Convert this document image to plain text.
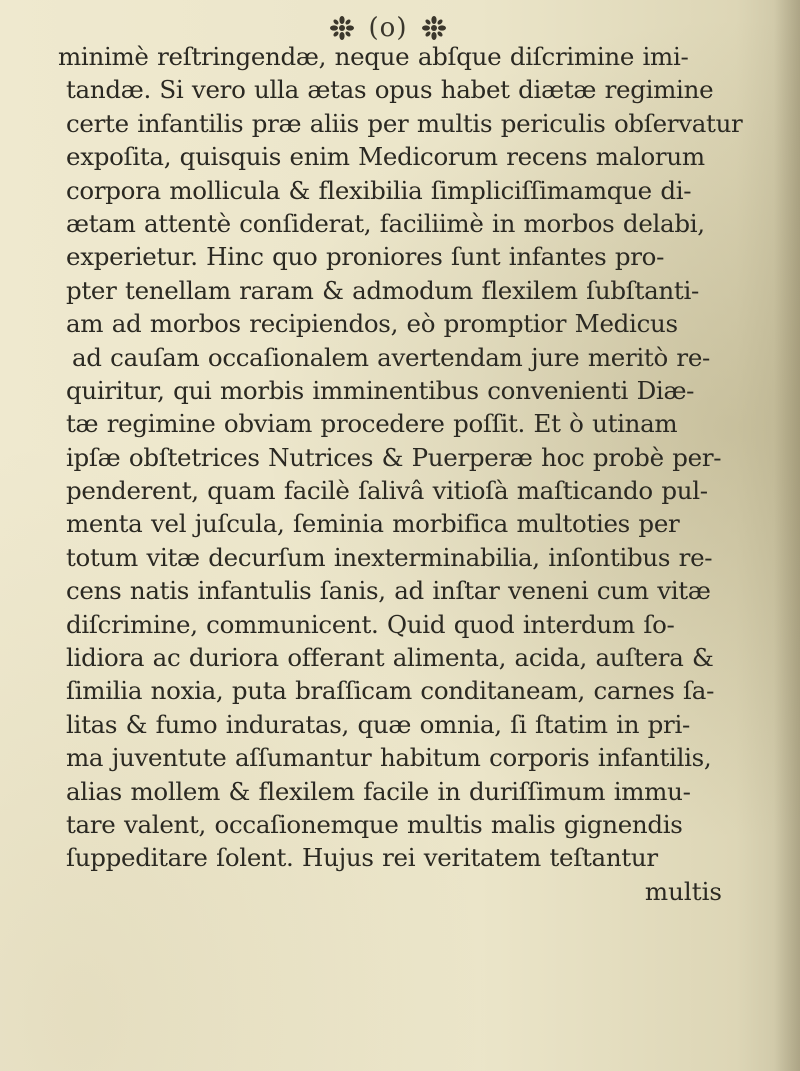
(o)
minimè reſtringendæ, neque abſque diſcrimine imi-
tandæ. Si vero ulla ætas opus habet diætæ regimine
certe infantilis præ aliis per multis periculis obſervatur
expoſita, quisquis enim Medicorum recens malorum
corpora mollicula & flexibilia ſimpliciſſimamque di-
ætam attentè conſiderat, faciliimè in morbos delabi,
experietur. Hinc quo proniores ſunt infantes pro-
pter tenellam raram & admodum flexilem ſubſtanti-
am ad morbos recipiendos, eò promptior Medicus
ad cauſam occaſionalem avertendam jure meritò re-
quiritur, qui morbis imminentibus convenienti Diæ-
tæ regimine obviam procedere poſſit. Et ò utinam
ipſæ obſtetrices Nutrices & Puerperæ hoc probè per-
penderent, quam facilè ſalivâ vitioſà maſticando pul-
menta vel juſcula, ſeminia morbifica multoties per
totum vitæ decurſum inexterminabilia, inſontibus re-
cens natis infantulis ſanis, ad inſtar veneni cum vitæ
diſcrimine, communicent. Quid quod interdum ſo-
lidiora ac duriora offerant alimenta, acida, auſtera &
ſimilia noxia, puta braſſicam conditaneam, carnes ſa-
litas & fumo induratas, quæ omnia, ſi ſtatim in pri-
ma juventute aſſumantur habitum corporis infantilis,
alias mollem & flexilem facile in duriſſimum immu-
tare valent, occaſionemque multis malis gignendis
ſuppeditare ſolent. Hujus rei veritatem teſtantur
multis
